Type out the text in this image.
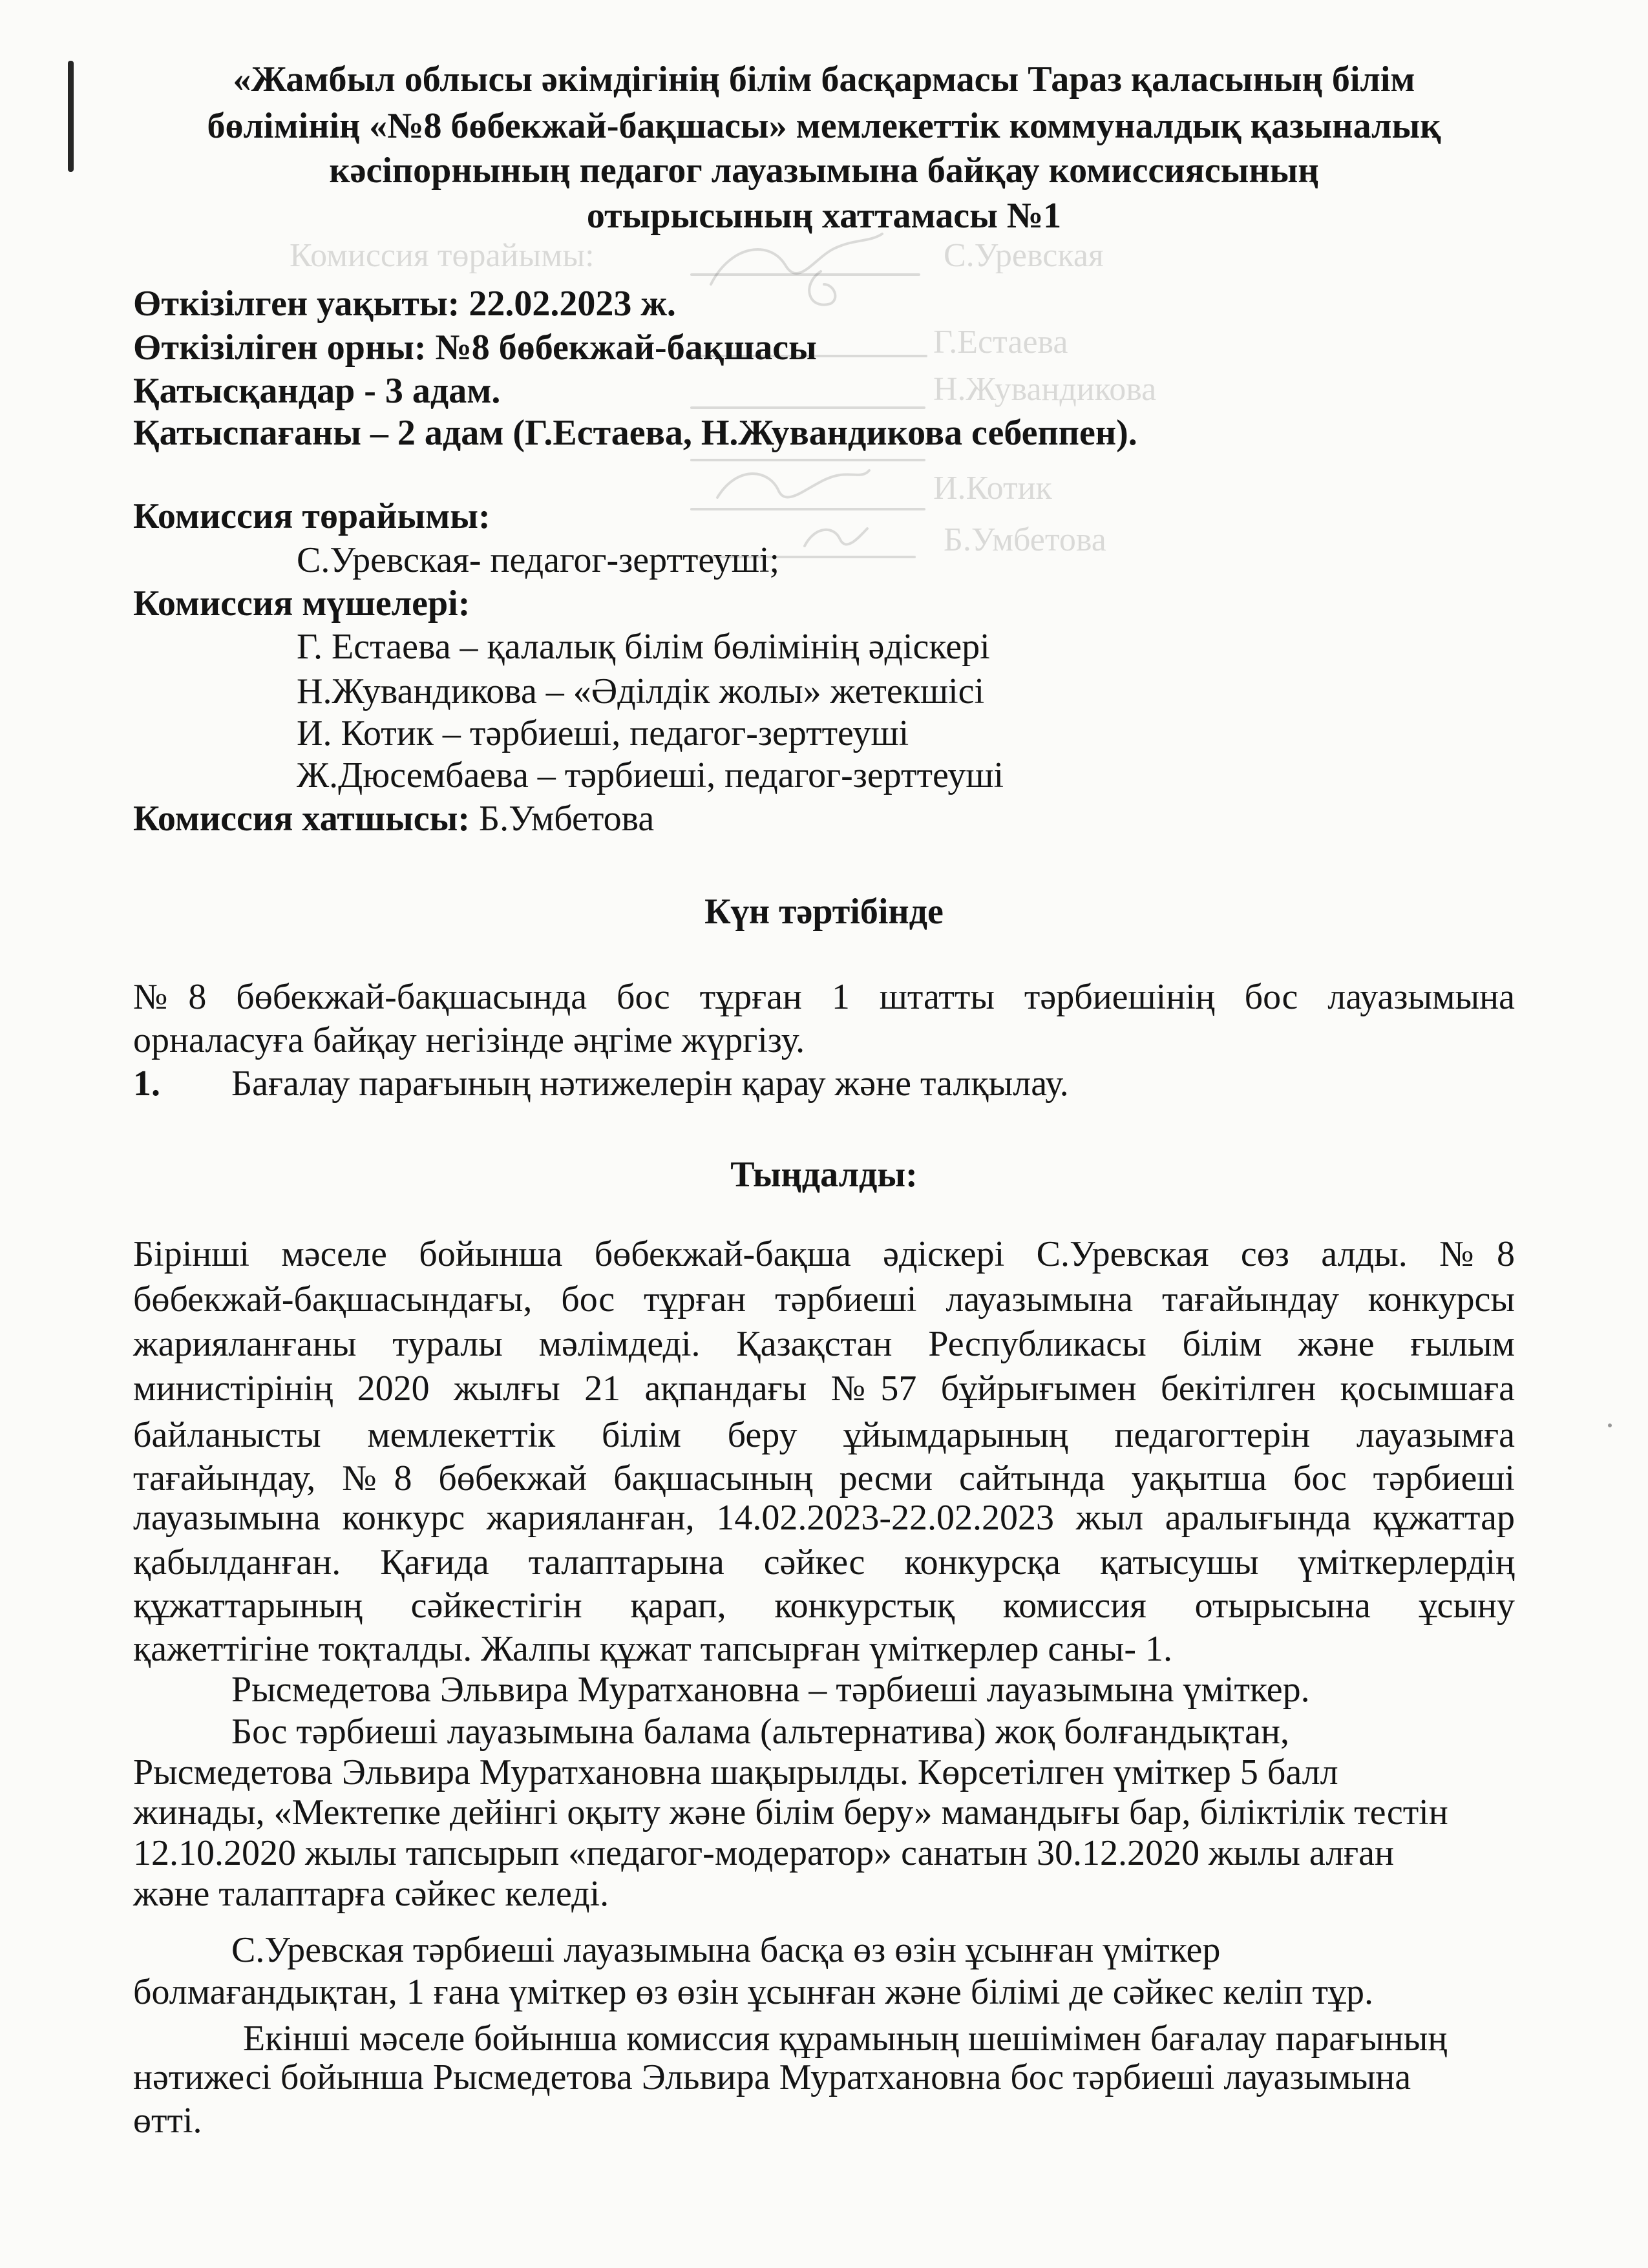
Комиссия төрайымы:	С.Уревская
Г.Естаева
Н.Жувандикова
И.Котик
Б.Умбетова
«Жамбыл облысы әкімдігінің білім басқармасы Тараз қаласының білім
бөлімінің «№8 бөбекжай-бақшасы» мемлекеттік коммуналдық қазыналық
кәсіпорнының педагог лауазымына байқау комиссиясының
отырысының хаттамасы №1
Өткізілген уақыты: 22.02.2023 ж.
Өткізіліген орны: №8 бөбекжай-бақшасы
Қатысқандар - 3 адам.
Қатыспағаны – 2 адам (Г.Естаева, Н.Жувандикова себеппен).
Комиссия төрайымы:
С.Уревская- педагог-зерттеуші;
Комиссия мүшелері:
Г. Естаева – қалалық білім бөлімінің әдіскері
Н.Жувандикова – «Әділдік жолы» жетекшісі
И. Котик – тәрбиеші, педагог-зерттеуші
Ж.Дюсембаева – тәрбиеші, педагог-зерттеуші
Комиссия хатшысы: Б.Умбетова
Күн тәртібінде
№8 бөбекжай-бақшасында бос тұрған 1 штатты тәрбиешінің бос лауазымына
орналасуға байқау негізінде әңгіме жүргізу.
1. Бағалау парағының нәтижелерін қарау және талқылау.
Тыңдалды:
Бірінші мәселе бойынша бөбекжай-бақша әдіскері С.Уревская сөз алды. №8
бөбекжай-бақшасындағы, бос тұрған тәрбиеші лауазымына тағайындау конкурсы
жарияланғаны туралы мәлімдеді. Қазақстан Республикасы білім және ғылым
министірінің 2020 жылғы 21 ақпандағы №57 бұйрығымен бекітілген қосымшаға
байланысты мемлекеттік білім беру ұйымдарының педагогтерін лауазымға
тағайындау, №8 бөбекжай бақшасының ресми сайтында уақытша бос тәрбиеші
лауазымына конкурс жарияланған, 14.02.2023-22.02.2023 жыл аралығында құжаттар
қабылданған. Қағида талаптарына сәйкес конкурсқа қатысушы үміткерлердің
құжаттарының сәйкестігін қарап, конкурстық комиссия отырысына ұсыну
қажеттігіне тоқталды. Жалпы құжат тапсырған үміткерлер саны- 1.
Рысмедетова Эльвира Муратхановна – тәрбиеші лауазымына үміткер.
Бос тәрбиеші лауазымына балама (альтернатива) жоқ болғандықтан,
Рысмедетова Эльвира Муратхановна шақырылды. Көрсетілген үміткер 5 балл
жинады, «Мектепке дейінгі оқыту және білім беру» мамандығы бар, біліктілік тестін
12.10.2020 жылы тапсырып «педагог-модератор» санатын 30.12.2020 жылы алған
және талаптарға сәйкес келеді.
С.Уревская тәрбиеші лауазымына басқа өз өзін ұсынған үміткер
болмағандықтан, 1 ғана үміткер өз өзін ұсынған және білімі де сәйкес келіп тұр.
Екінші мәселе бойынша комиссия құрамының шешімімен бағалау парағының
нәтижесі бойынша Рысмедетова Эльвира Муратхановна бос тәрбиеші лауазымына
өтті.
